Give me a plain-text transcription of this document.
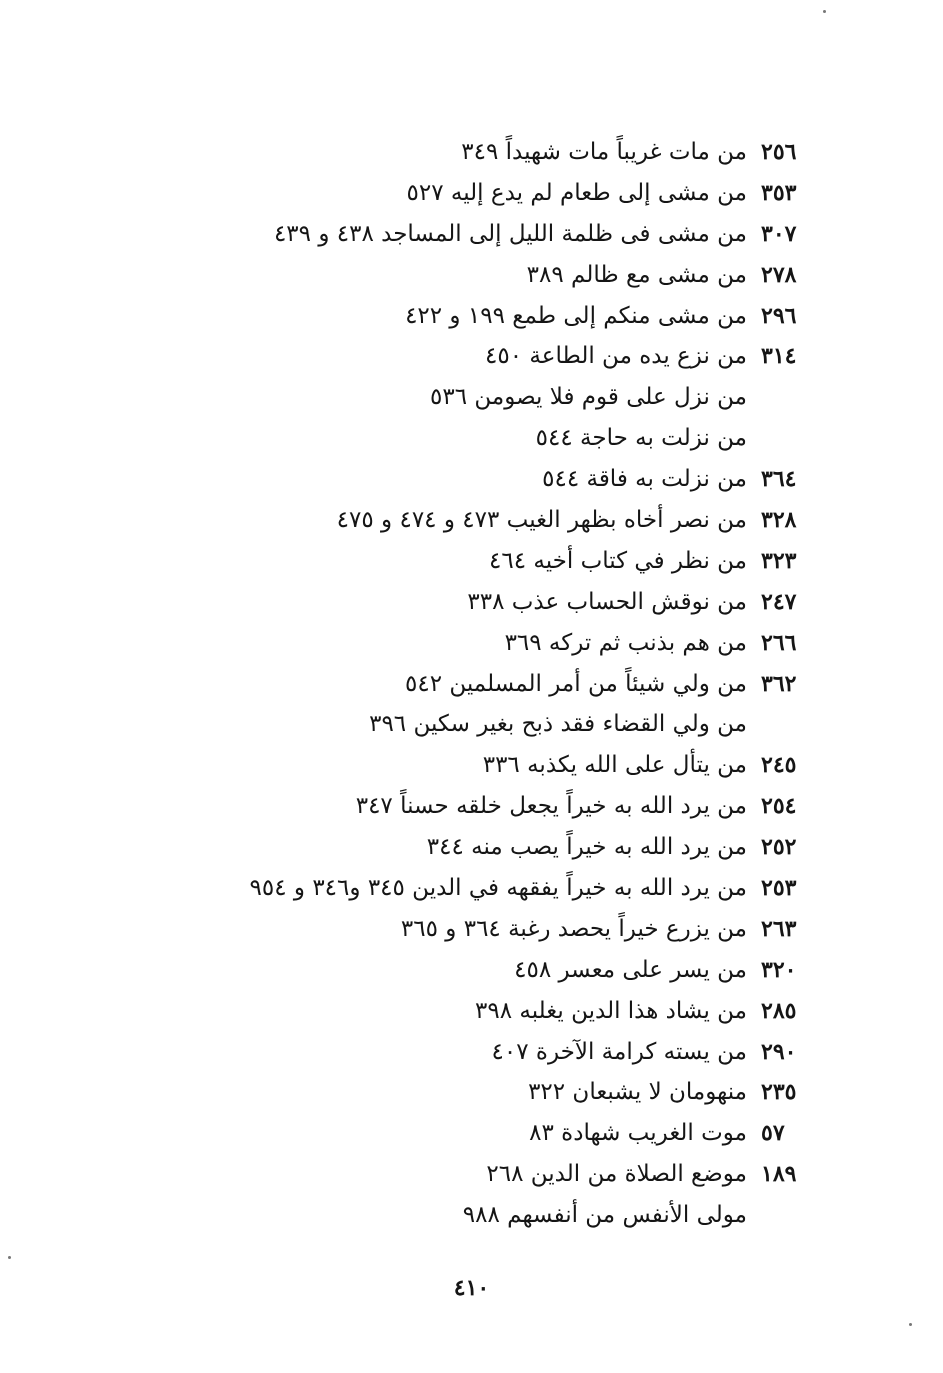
٢٥٦
من مات غريباً مات شهيداً ٣٤٩
٣٥٣
من مشى إلى طعام لم يدع إليه ٥٢٧
٣٠٧
من مشى فى ظلمة الليل إلى المساجد ٤٣٨ و ٤٣٩
٢٧٨
من مشى مع ظالم ٣٨٩
٢٩٦
من مشى منكم إلى طمع ١٩٩ و ٤٢٢
٣١٤
من نزع يده من الطاعة ٤٥٠
من نزل على قوم فلا يصومن ٥٣٦
من نزلت به حاجة ٥٤٤
٣٦٤
من نزلت به فاقة ٥٤٤
٣٢٨
من نصر أخاه بظهر الغيب ٤٧٣ و ٤٧٤ و ٤٧٥
٣٢٣
من نظر في كتاب أخيه ٤٦٤
٢٤٧
من نوقش الحساب عذب ٣٣٨
٢٦٦
من هم بذنب ثم تركه ٣٦٩
٣٦٢
من ولي شيئاً من أمر المسلمين ٥٤٢
من ولي القضاء فقد ذبح بغير سكين ٣٩٦
٢٤٥
من يتأل على الله يكذبه ٣٣٦
٢٥٤
من يرد الله به خيراً يجعل خلقه حسناً ٣٤٧
٢٥٢
من يرد الله به خيراً يصب منه ٣٤٤
٢٥٣
من يرد الله به خيراً يفقهه في الدين ٣٤٥ و٣٤٦ و ٩٥٤
٢٦٣
من يزرع خيراً يحصد رغبة ٣٦٤ و ٣٦٥
٣٢٠
من يسر على معسر ٤٥٨
٢٨٥
من يشاد هذا الدين يغلبه ٣٩٨
٢٩٠
من يسته كرامة الآخرة ٤٠٧
٢٣٥
منهومان لا يشبعان ٣٢٢
٥٧
موت الغريب شهادة ٨٣
١٨٩
موضع الصلاة من الدين ٢٦٨
مولى الأنفس من أنفسهم ٩٨٨
٤١٠
